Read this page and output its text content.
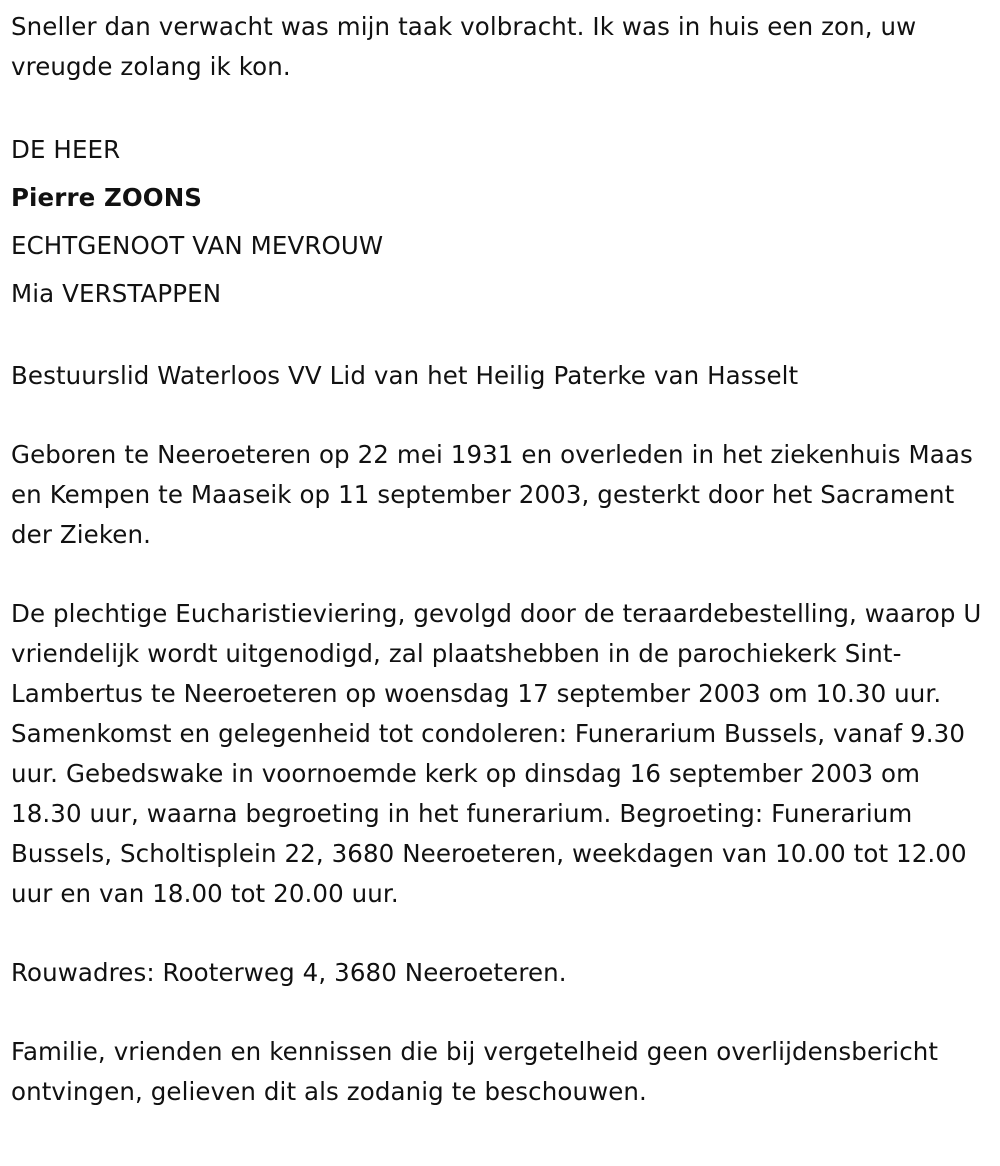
Sneller dan verwacht was mijn taak volbracht. Ik was in huis een zon, uw vreugde zolang ik kon.

DE HEER

Pierre ZOONS

ECHTGENOOT VAN MEVROUW

Mia VERSTAPPEN

Bestuurslid Waterloos VV Lid van het Heilig Paterke van Hasselt

Geboren te Neeroeteren op 22 mei 1931 en overleden in het ziekenhuis Maas en Kempen te Maaseik op 11 september 2003, gesterkt door het Sacrament der Zieken.

De plechtige Eucharistieviering, gevolgd door de teraardebestelling, waarop U vriendelijk wordt uitgenodigd, zal plaatshebben in de parochiekerk Sint-Lambertus te Neeroeteren op woensdag 17 september 2003 om 10.30 uur. Samenkomst en gelegenheid tot condoleren: Funerarium Bussels, vanaf 9.30 uur. Gebedswake in voornoemde kerk op dinsdag 16 september 2003 om 18.30 uur, waarna begroeting in het funerarium. Begroeting: Funerarium Bussels, Scholtisplein 22, 3680 Neeroeteren, weekdagen van 10.00 tot 12.00 uur en van 18.00 tot 20.00 uur.

Rouwadres: Rooterweg 4, 3680 Neeroeteren.

Familie, vrienden en kennissen die bij vergetelheid geen overlijdensbericht ontvingen, gelieven dit als zodanig te beschouwen.
